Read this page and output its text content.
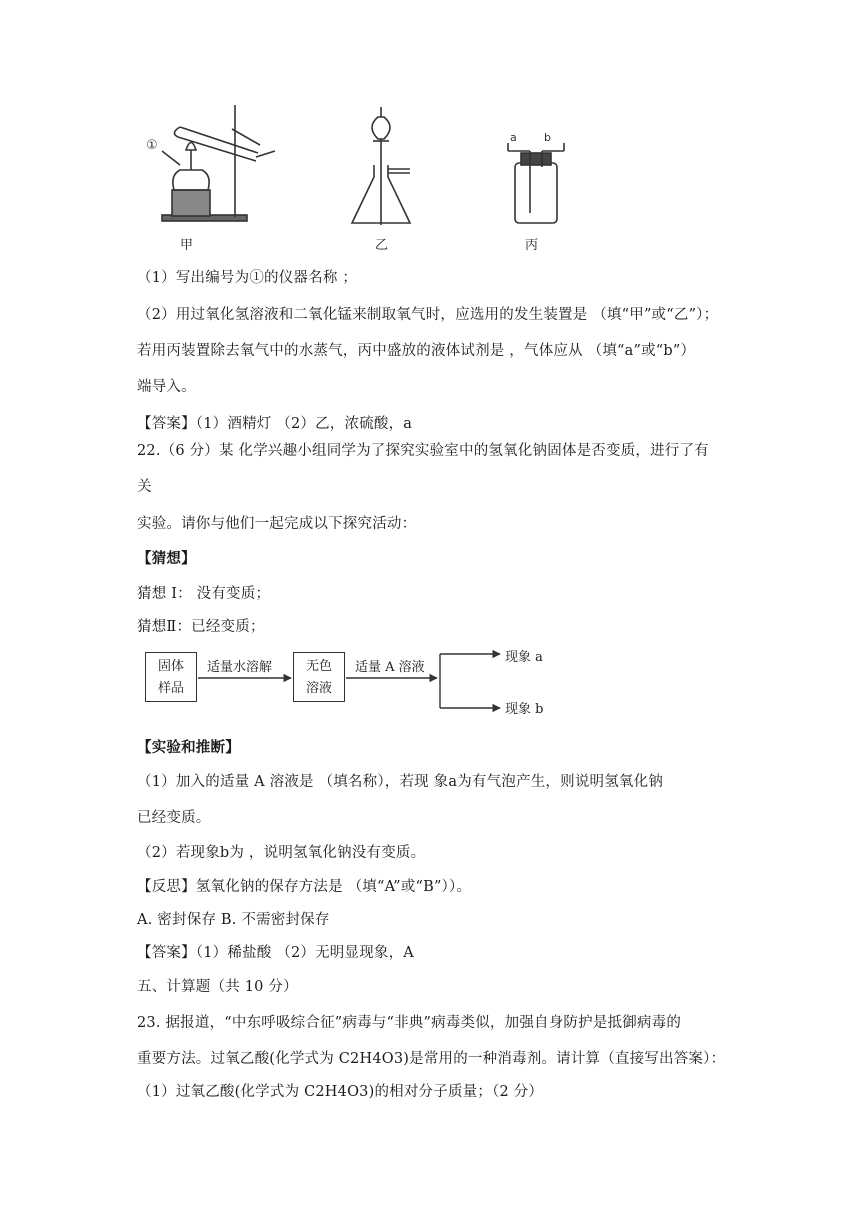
①
a b
甲	乙	丙
（1）写出编号为①的仪器名称 ；
（2）用过氧化氢溶液和二氧化锰来制取氧气时，应选用的发生装置是 （填“甲”或“乙”）；
若用丙装置除去氧气中的水蒸气，丙中盛放的液体试剂是 ，气体应从 （填“a”或“b”）
端导入。
【答案】（1）酒精灯 （2）乙，浓硫酸，a
22.（6 分）某 化学兴趣小组同学为了探究实验室中的氢氧化钠固体是否变质，进行了有
关
实验。请你与他们一起完成以下探究活动：
【猜想】
猜想 Ⅰ： 没有变质；
猜想Ⅱ：已经变质；
固体
样品
适量水溶解	无色
溶液
适量 A 溶液
现象 a
现象 b
【实验和推断】
（1）加入的适量 A 溶液是 （填名称），若现 象a为有气泡产生，则说明氢氧化钠
已经变质。
（2）若现象b为 ，说明氢氧化钠没有变质。
【反思】氢氧化钠的保存方法是 （填“A”或“B”））。
A. 密封保存 B. 不需密封保存
【答案】（1）稀盐酸 （2）无明显现象，A
五、计算题（共 10 分）
23. 据报道，“中东呼吸综合征”病毒与“非典”病毒类似，加强自身防护是抵御病毒的
重要方法。过氧乙酸(化学式为 C2H4O3)是常用的一种消毒剂。请计算（直接写出答案）：
（1）过氧乙酸(化学式为 C2H4O3)的相对分子质量；（2 分）
